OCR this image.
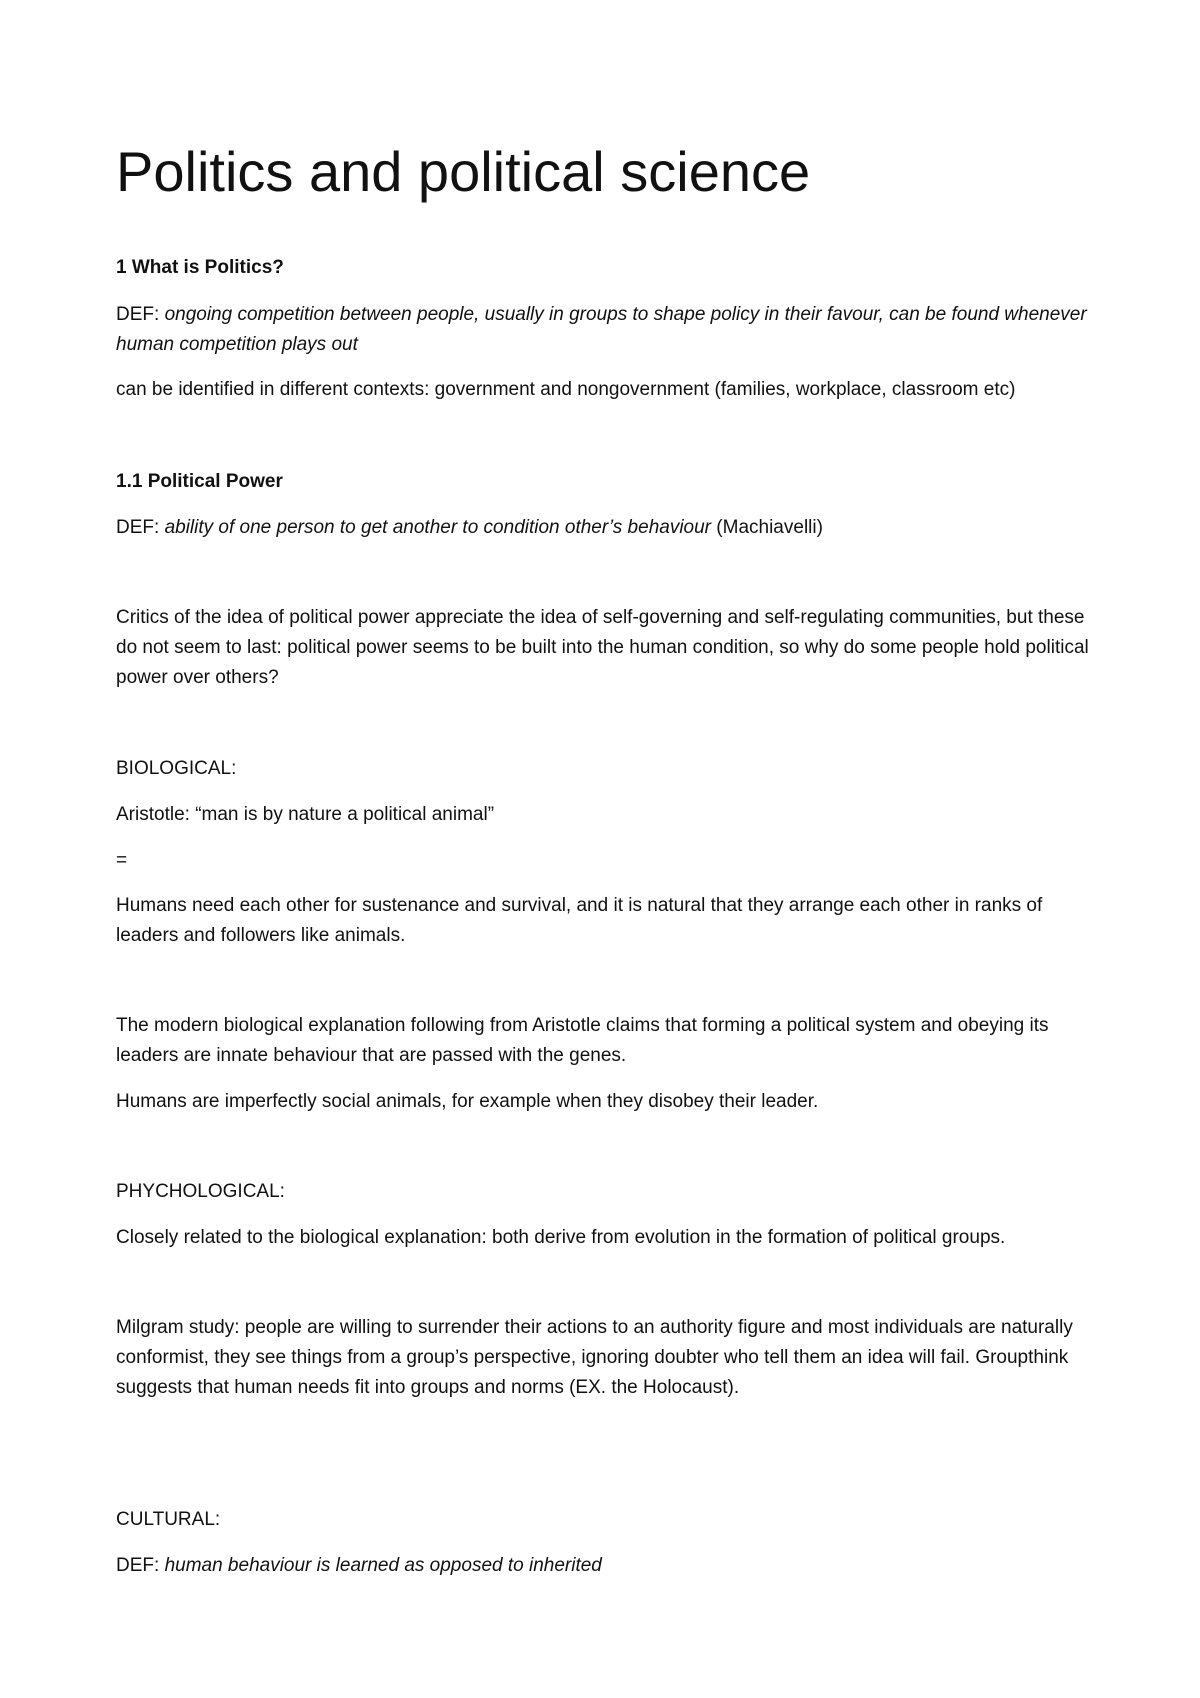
Politics and political science

1 What is Politics?

DEF: ongoing competition between people, usually in groups to shape policy in their favour, can be found whenever human competition plays out

can be identified in different contexts: government and nongovernment (families, workplace, classroom etc)

1.1 Political Power

DEF: ability of one person to get another to condition other’s behaviour (Machiavelli)

Critics of the idea of political power appreciate the idea of self-governing and self-regulating communities, but these do not seem to last: political power seems to be built into the human condition, so why do some people hold political power over others?

BIOLOGICAL:

Aristotle: “man is by nature a political animal”

=

Humans need each other for sustenance and survival, and it is natural that they arrange each other in ranks of leaders and followers like animals.

The modern biological explanation following from Aristotle claims that forming a political system and obeying its leaders are innate behaviour that are passed with the genes.

Humans are imperfectly social animals, for example when they disobey their leader.

PHYCHOLOGICAL:

Closely related to the biological explanation: both derive from evolution in the formation of political groups.

Milgram study: people are willing to surrender their actions to an authority figure and most individuals are naturally conformist, they see things from a group’s perspective, ignoring doubter who tell them an idea will fail. Groupthink suggests that human needs fit into groups and norms (EX. the Holocaust).

CULTURAL:

DEF: human behaviour is learned as opposed to inherited
